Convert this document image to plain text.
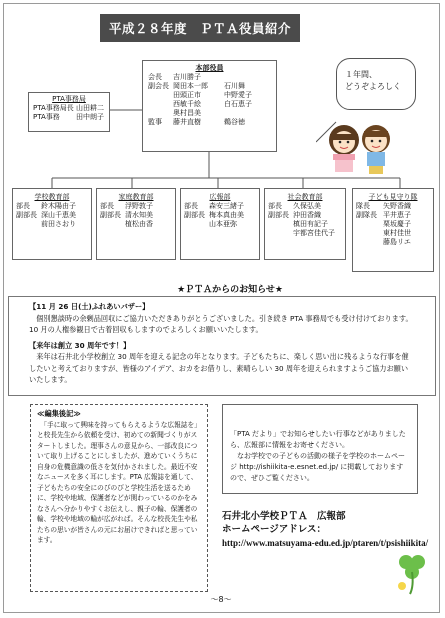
平成２８年度　ＰＴＡ役員紹介
PTA事務局
PTA事務局長 山田耕二
PTA事務	田中朗子
本部役員
会長	吉川勝子
副会長 岡田本一郎	石川舞
田頭正市	中野愛子
西敏千絵	白石恵子
奥村昌美
監事	藤井直樹	鵜谷徳
１年間、
どうぞよろしく
学校教育部
部長	鈴木陽由子
副部長 深山千恵美
前田さおり
家庭教育部
部長	浮野敦子
副部長 清水知美
植松由香
広報部
部長	森安三緒子
副部長 梅本真由美
山本亜弥
社会教育部
部長	久保弘美
副部長 沖田香織
槙田有記子
宇都宮佳代子
子ども見守り隊
隊長	矢野香織
副隊長 平井恵子
栗坂慶子
東村佳世
藤島リエ
★ＰＴＡからのお知らせ★
【11 月 26 日(土)ふれあいバザー】
　個別懇談時の余剰品回収にご協力いただきありがとうございました。引き続き PTA 事務局でも受け付けております。10 月の人権参観日で古着回収もしますのでよろしくお願いいたします。
【来年は創立 30 周年です！】
　来年は石井北小学校創立 30 周年を迎える記念の年となります。子どもたちに、楽しく思い出に残るような行事を催したいと考えておりますが、皆様のアイデア、おカをお借りし、素晴らしい 30 周年を迎えられますようご協力お願いいたします。
≪編集後記≫
　「手に取って興味を持ってもらえるような広報誌を」と校長先生から依頼を受け、初めての新聞づくりがスタートしました。理事さんの意見から、一部改良について取り上げることにしましたが、進めていくうちに自身の危機意識の低さを気付かされました。最近不安なニュースを多く耳にします。PTA 広報誌を通して、子どもたちの安全にのびのびと学校生活を送るために、学校や地域、保護者などが関わっているのかをみなさんへ分かりやすくお伝えし、親子の輪、保護者の輪、学校や地域の輪が広がれば。そんな校長先生や私たちの思いが皆さんの元にお届けできればと思っています。

「PTA だより」でお知らせしたい行事などがありましたら、広報部に情報をお寄せください。
　なお学校での子どもの活動の様子を学校のホームページ http://ishiikita-e.esnet.ed.jp/ に掲載しておりますので、ぜひご覧ください。

石井北小学校ＰＴＡ　広報部
ホームページアドレス：
http://www.matsuyama-edu.ed.jp/ptaren/t/psishiikita/
～8～
